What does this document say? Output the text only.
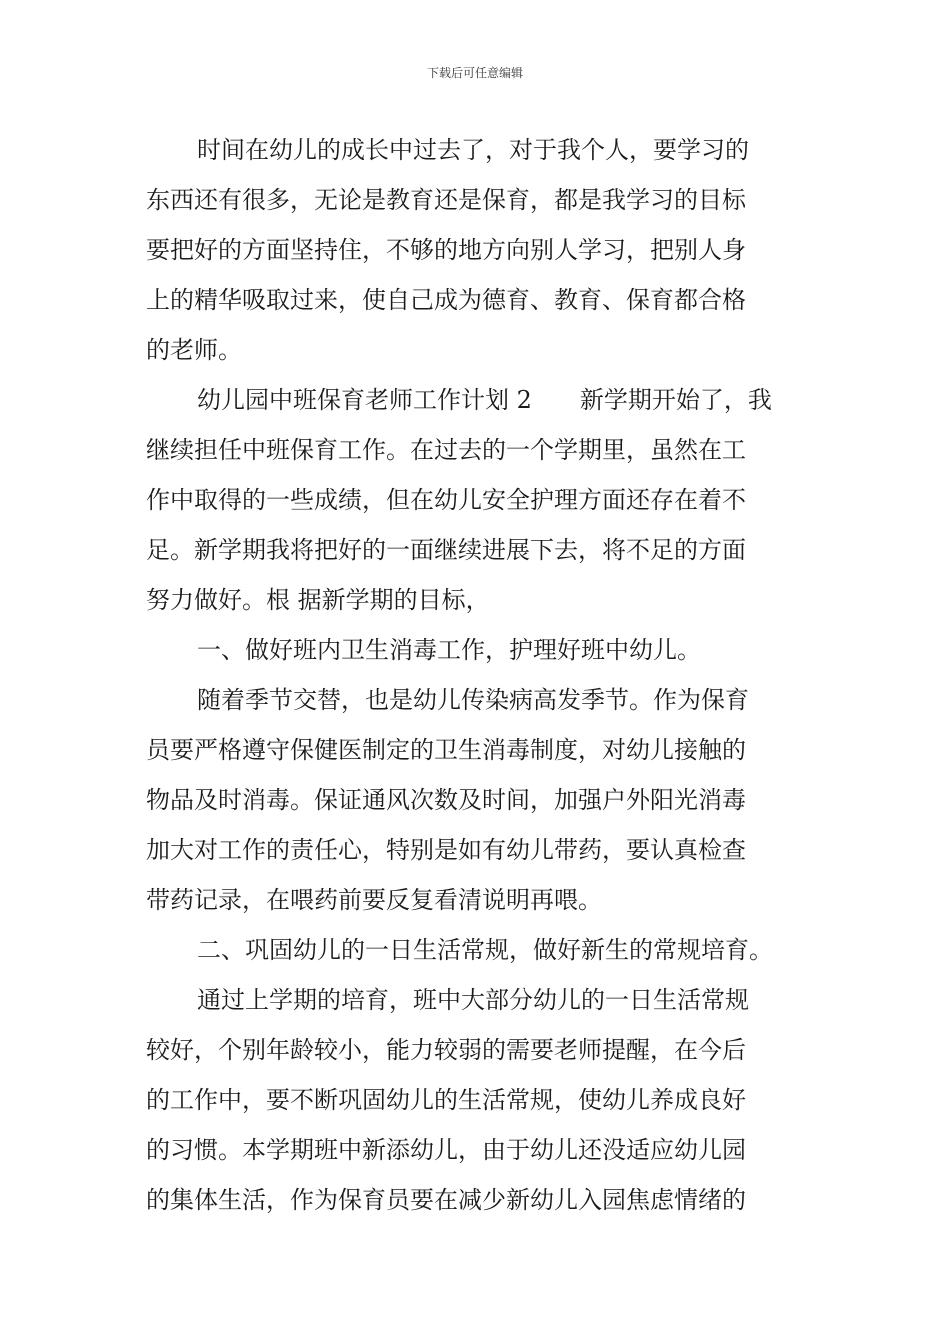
下载后可任意编辑
时间在幼儿的成长中过去了，对于我个人，要学习的
东西还有很多，无论是教育还是保育，都是我学习的目标
要把好的方面坚持住，不够的地方向别人学习，把别人身
上的精华吸取过来，使自己成为德育、教育、保育都合格
的老师。
幼儿园中班保育老师工作计划 2　　新学期开始了，我
继续担任中班保育工作。在过去的一个学期里，虽然在工
作中取得的一些成绩，但在幼儿安全护理方面还存在着不
足。新学期我将把好的一面继续进展下去，将不足的方面
努力做好。根 据新学期的目标，
一、做好班内卫生消毒工作，护理好班中幼儿。
随着季节交替，也是幼儿传染病高发季节。作为保育
员要严格遵守保健医制定的卫生消毒制度，对幼儿接触的
物品及时消毒。保证通风次数及时间，加强户外阳光消毒
加大对工作的责任心，特别是如有幼儿带药，要认真检查
带药记录，在喂药前要反复看清说明再喂。
二、巩固幼儿的一日生活常规，做好新生的常规培育。
通过上学期的培育，班中大部分幼儿的一日生活常规
较好，个别年龄较小，能力较弱的需要老师提醒，在今后
的工作中，要不断巩固幼儿的生活常规，使幼儿养成良好
的习惯。本学期班中新添幼儿，由于幼儿还没适应幼儿园
的集体生活，作为保育员要在减少新幼儿入园焦虑情绪的
